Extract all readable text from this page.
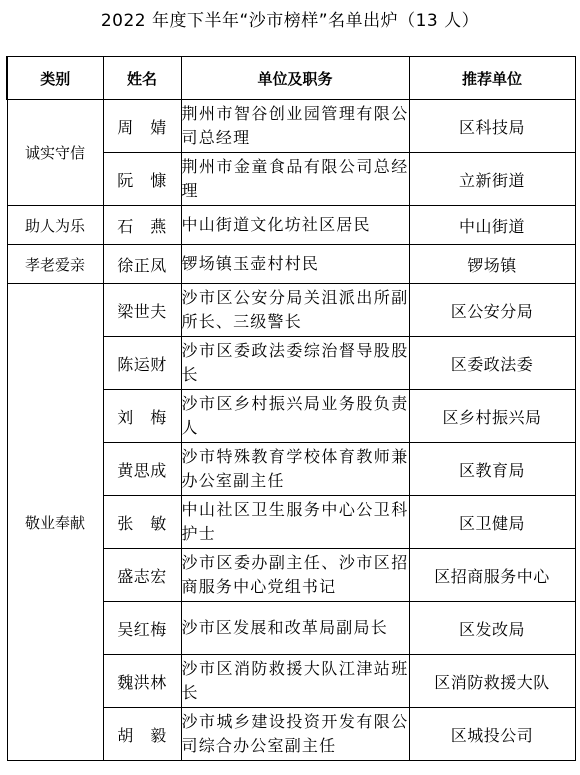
2022 年度下半年“沙市榜样”名单出炉（13 人）
类别	姓名	单位及职务	推荐单位
诚实守信	周　婧	荆州市智谷创业园管理有限公司总经理	区科技局
	阮　慷	荆州市金童食品有限公司总经理	立新街道
助人为乐	石　燕	中山街道文化坊社区居民	中山街道
孝老爱亲	徐正凤	锣场镇玉壶村村民	锣场镇
敬业奉献	梁世夫	沙市区公安分局关沮派出所副所长、三级警长	区公安分局
	陈运财	沙市区委政法委综治督导股股长	区委政法委
	刘　梅	沙市区乡村振兴局业务股负责人	区乡村振兴局
	黄思成	沙市特殊教育学校体育教师兼办公室副主任	区教育局
	张　敏	中山社区卫生服务中心公卫科护士	区卫健局
	盛志宏	沙市区委办副主任、沙市区招商服务中心党组书记	区招商服务中心
	吴红梅	沙市区发展和改革局副局长	区发改局
	魏洪林	沙市区消防救援大队江津站班长	区消防救援大队
	胡　毅	沙市城乡建设投资开发有限公司综合办公室副主任	区城投公司
